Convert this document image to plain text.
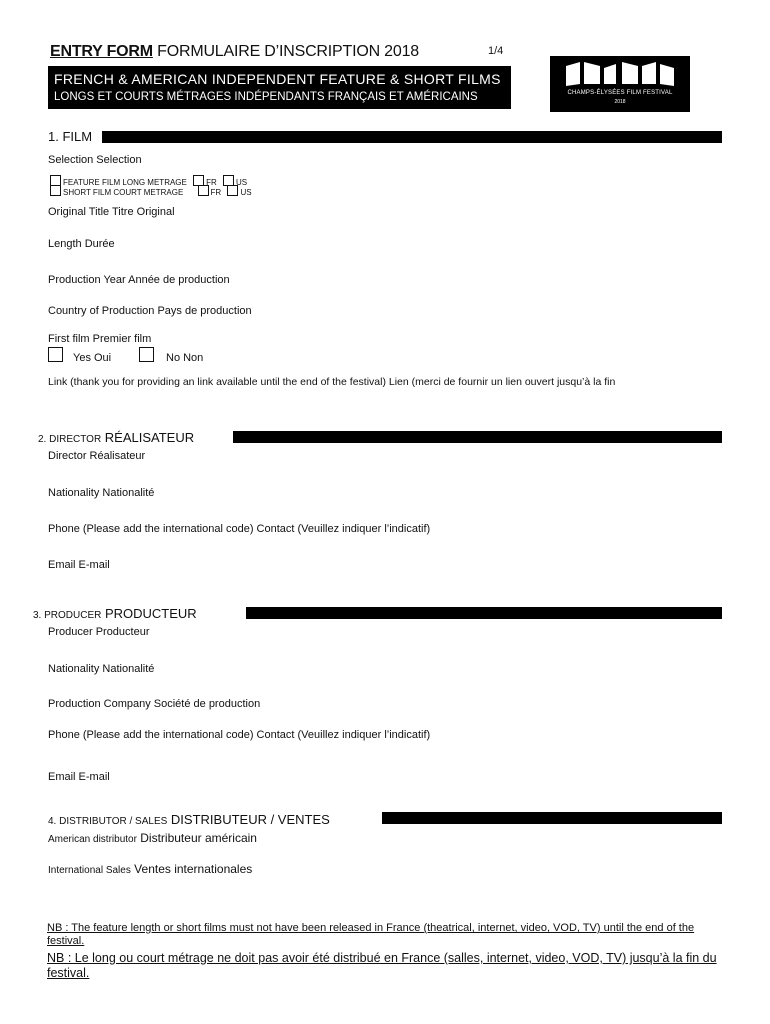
ENTRY FORM FORMULAIRE D’INSCRIPTION 2018	1/4
FRENCH & AMERICAN INDEPENDENT FEATURE & SHORT FILMS
LONGS ET COURTS MÉTRAGES INDÉPENDANTS FRANÇAIS ET AMÉRICAINS	CHAMPS-ÉLYSÉES FILM FESTIVAL
2018
1. FILM
Selection Selection
FEATURE FILM LONG METRAGE FR US
SHORT FILM COURT METRAGE	FR US
Original Title Titre Original
Length Durée
Production Year Année de production
Country of Production Pays de production
First film Premier film
Yes Oui	No Non
Link (thank you for providing an link available until the end of the festival) Lien (merci de fournir un lien ouvert jusqu’à la fin
2. DIRECTOR RÉALISATEUR
Director Réalisateur
Nationality Nationalité
Phone (Please add the international code) Contact (Veuillez indiquer l’indicatif)
Email E-mail
3. PRODUCER PRODUCTEUR
Producer Producteur
Nationality Nationalité
Production Company Société de production
Phone (Please add the international code) Contact (Veuillez indiquer l’indicatif)
Email E-mail
4. DISTRIBUTOR / SALES DISTRIBUTEUR / VENTES
American distributor Distributeur américain
International Sales Ventes internationales
NB : The feature length or short films must not have been released in France (theatrical, internet, video, VOD, TV) until the end of the festival.
NB : Le long ou court métrage ne doit pas avoir été distribué en France (salles, internet, video, VOD, TV) jusqu’à la fin du festival.
